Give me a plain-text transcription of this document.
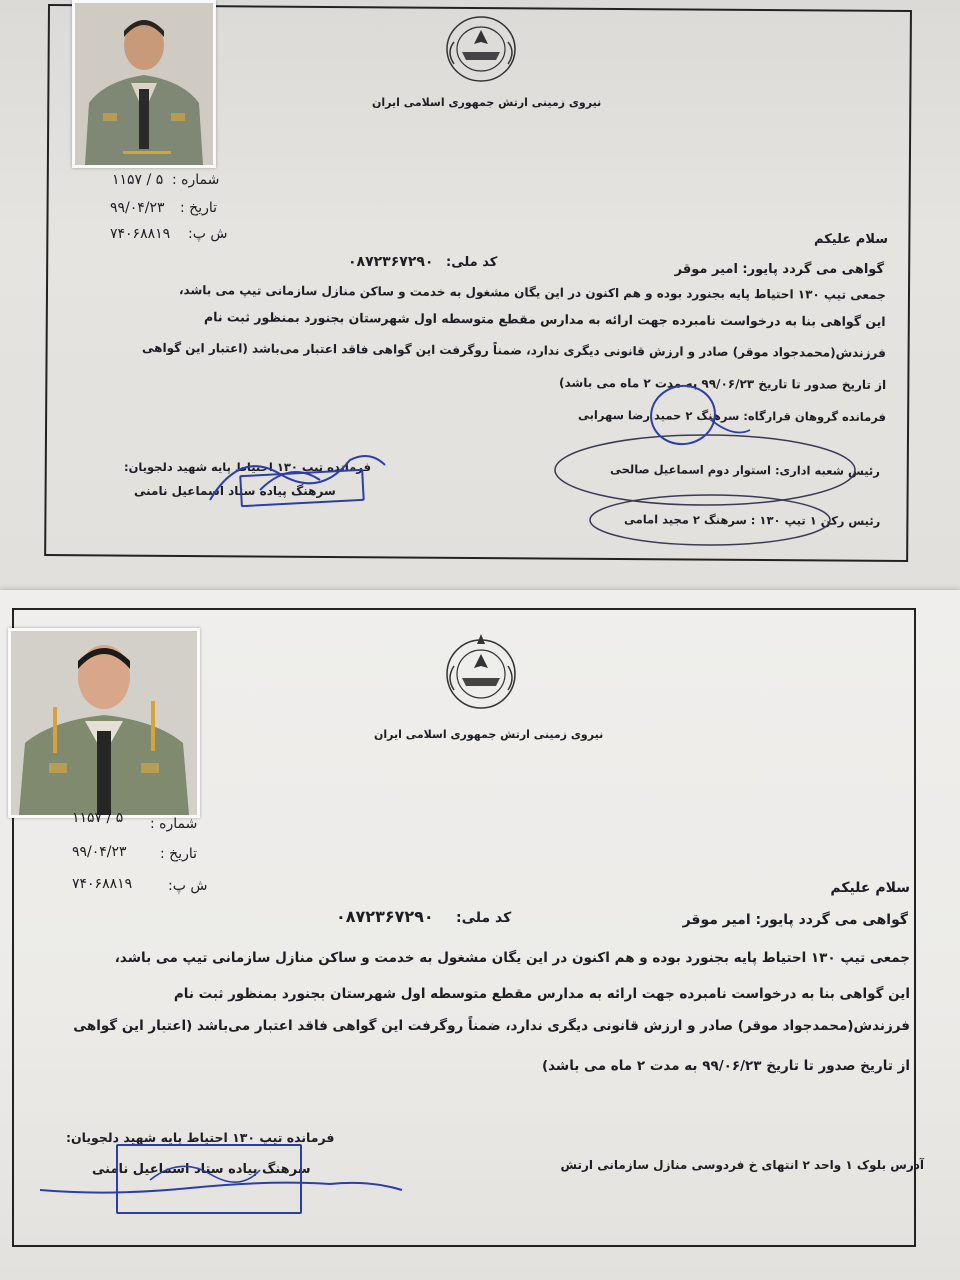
نیروی زمینی ارتش جمهوری اسلامی ایران
شماره :
۱۱۵۷ / ۵
تاریخ :
۹۹/۰۴/۲۳
ش پ:
۷۴۰۶۸۸۱۹	سلام علیکم
کد ملی:
۰۸۷۲۳۶۷۲۹۰	گواهی می گردد پایور: امیر موقر
جمعی تیپ ۱۳۰ احتیاط پایه بجنورد بوده و هم اکنون در این یگان مشغول به خدمت و ساکن منازل سازمانی تیپ می باشد،
این گواهی بنا به درخواست نامبرده جهت ارائه به مدارس مقطع متوسطه اول شهرستان بجنورد بمنظور ثبت نام
فرزندش(محمدجواد موقر) صادر و ارزش قانونی دیگری ندارد، ضمناً روگرفت این گواهی فاقد اعتبار می‌باشد (اعتبار این گواهی
از تاریخ صدور تا تاریخ ۹۹/۰۶/۲۳ به مدت ۲ ماه می باشد)
فرمانده گروهان قرارگاه: سرهنگ ۲ حمید رضا سهرابی
رئیس شعبه اداری: استوار دوم اسماعیل صالحی
رئیس رکن ۱ تیپ ۱۳۰ : سرهنگ ۲ مجید امامی
فرمانده تیپ ۱۳۰ احتیاط پایه شهید دلجویان:
سرهنگ پیاده ستاد اسماعیل نامنی
نیروی زمینی ارتش جمهوری اسلامی ایران
شماره :
۱۱۵۷ / ۵
تاریخ :
۹۹/۰۴/۲۳
ش پ:
۷۴۰۶۸۸۱۹	سلام علیکم
کد ملی:
۰۸۷۲۳۶۷۲۹۰	گواهی می گردد پایور: امیر موقر
جمعی تیپ ۱۳۰ احتیاط پایه بجنورد بوده و هم اکنون در این یگان مشغول به خدمت و ساکن منازل سازمانی تیپ می باشد،
این گواهی بنا به درخواست نامبرده جهت ارائه به مدارس مقطع متوسطه اول شهرستان بجنورد بمنظور ثبت نام
فرزندش(محمدجواد موقر) صادر و ارزش قانونی دیگری ندارد، ضمناً روگرفت این گواهی فاقد اعتبار می‌باشد (اعتبار این گواهی
از تاریخ صدور تا تاریخ ۹۹/۰۶/۲۳ به مدت ۲ ماه می باشد)
فرمانده تیپ ۱۳۰ احتیاط پایه شهید دلجویان:
سرهنگ پیاده ستاد اسماعیل نامنی	آدرس بلوک ۱ واحد ۲ انتهای خ فردوسی منازل سازمانی ارتش
